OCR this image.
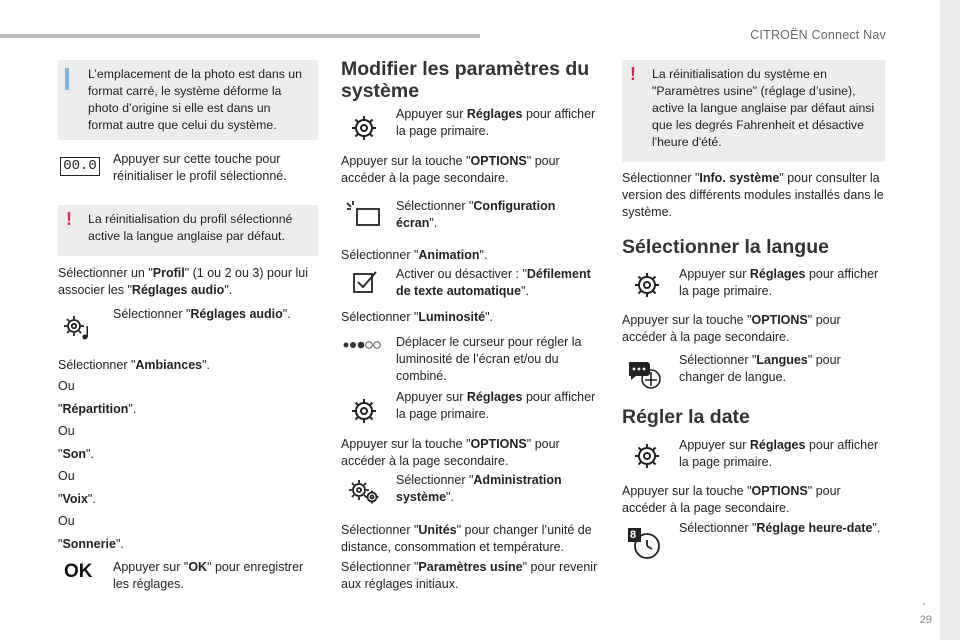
CITROËN Connect Nav
.
29
L’emplacement de la photo est dans un format carré, le système déforme la photo d’origine si elle est dans un format autre que celui du système.
00.0 Appuyer sur cette touche pour réinitialiser le profil sélectionné.
! La réinitialisation du profil sélectionné active la langue anglaise par défaut.
Sélectionner un "Profil" (1 ou 2 ou 3) pour lui associer les "Réglages audio".
Sélectionner "Réglages audio".
Sélectionner "Ambiances".
Ou
"Répartition".
Ou
"Son".
Ou
"Voix".
Ou
"Sonnerie".
OK Appuyer sur "OK" pour enregistrer les réglages.
Modifier les paramètres du système
Appuyer sur Réglages pour afficher la page primaire.
Appuyer sur la touche "OPTIONS" pour accéder à la page secondaire.
Sélectionner "Configuration écran".
Sélectionner "Animation".
Activer ou désactiver : "Défilement de texte automatique".
Sélectionner "Luminosité".
Déplacer le curseur pour régler la luminosité de l’écran et/ou du combiné.
Appuyer sur Réglages pour afficher la page primaire.
Appuyer sur la touche "OPTIONS" pour accéder à la page secondaire.
Sélectionner "Administration système".
Sélectionner "Unités" pour changer l’unité de distance, consommation et température.
Sélectionner "Paramètres usine" pour revenir aux réglages initiaux.
! La réinitialisation du système en "Paramètres usine" (réglage d’usine), active la langue anglaise par défaut ainsi que les degrés Fahrenheit et désactive l'heure d'été.
Sélectionner "Info. système" pour consulter la version des différents modules installés dans le système.
Sélectionner la langue
Appuyer sur Réglages pour afficher la page primaire.
Appuyer sur la touche "OPTIONS" pour accéder à la page secondaire.
Sélectionner "Langues" pour changer de langue.
Régler la date
Appuyer sur Réglages pour afficher la page primaire.
Appuyer sur la touche "OPTIONS" pour accéder à la page secondaire.
8	Sélectionner "Réglage heure-date".
